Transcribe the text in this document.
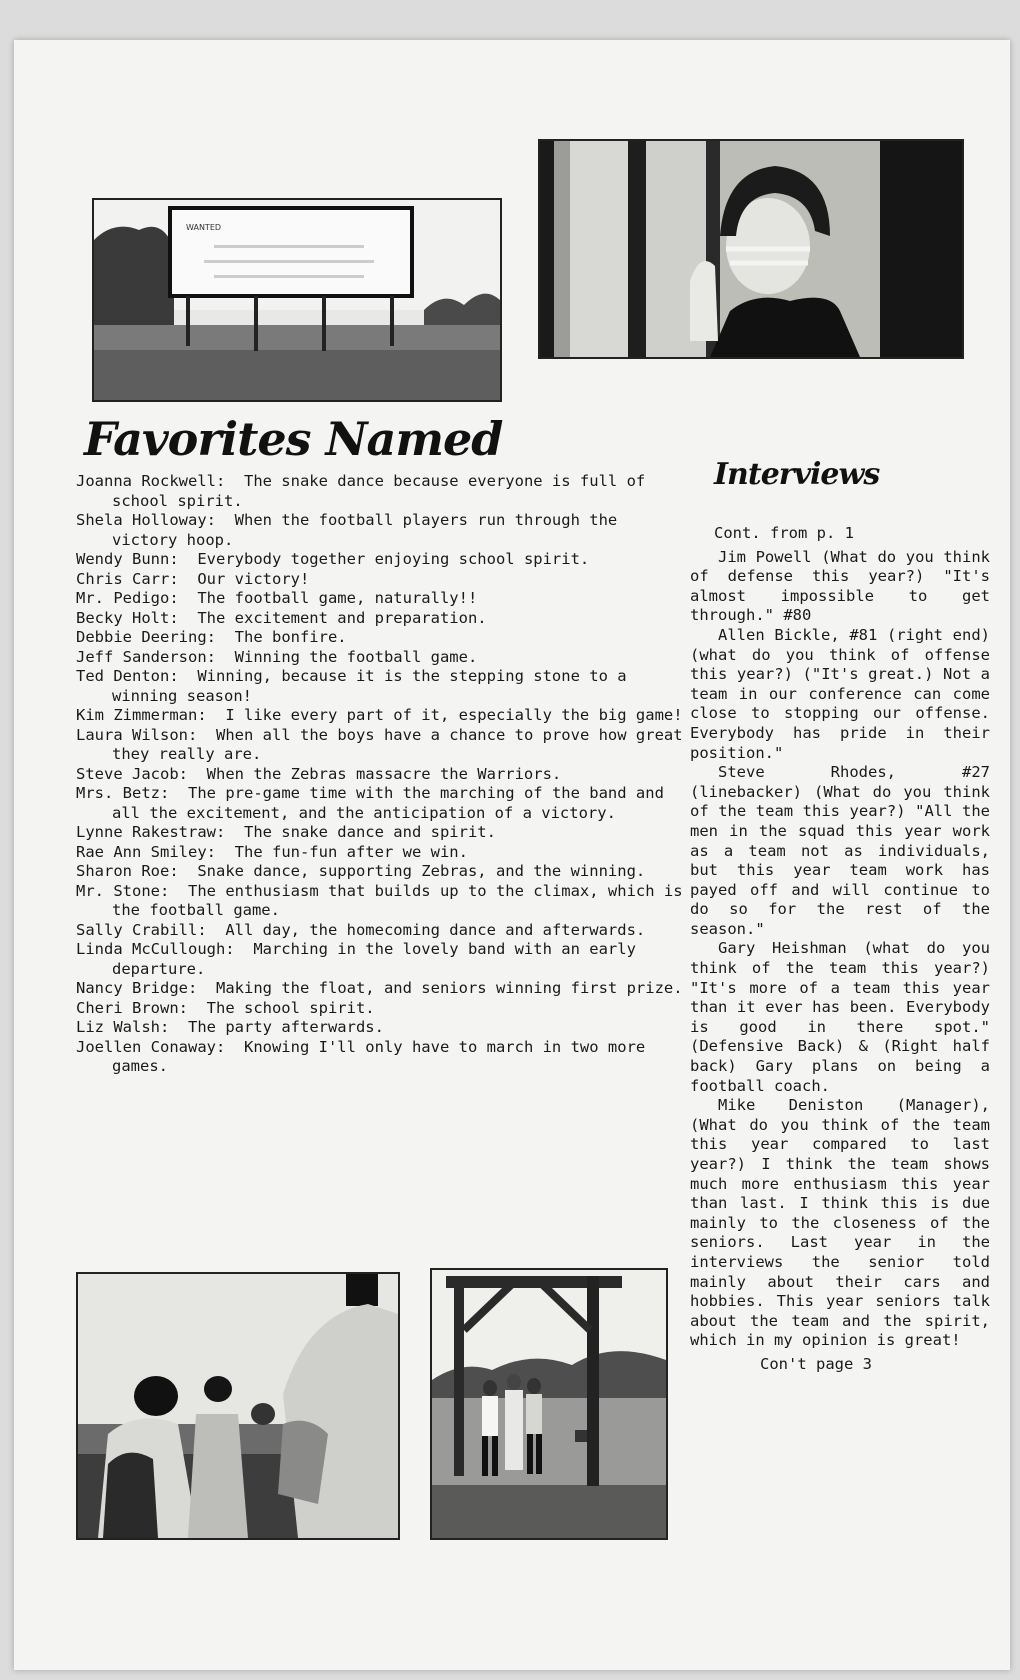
WANTED
Favorites Named
Interviews

Joanna Rockwell: The snake dance because everyone is full of school spirit.

Shela Holloway: When the football players run through the victory hoop.

Wendy Bunn: Everybody together enjoying school spirit.

Chris Carr: Our victory!

Mr. Pedigo: The football game, naturally!!

Becky Holt: The excitement and preparation.

Debbie Deering: The bonfire.

Jeff Sanderson: Winning the football game.

Ted Denton: Winning, because it is the stepping stone to a winning season!

Kim Zimmerman: I like every part of it, especially the big game!

Laura Wilson: When all the boys have a chance to prove how great they really are.

Steve Jacob: When the Zebras massacre the Warriors.

Mrs. Betz: The pre-game time with the marching of the band and all the excitement, and the anticipation of a victory.

Lynne Rakestraw: The snake dance and spirit.

Rae Ann Smiley: The fun-fun after we win.

Sharon Roe: Snake dance, supporting Zebras, and the winning.

Mr. Stone: The enthusiasm that builds up to the climax, which is the football game.

Sally Crabill: All day, the homecoming dance and afterwards.

Linda McCullough: Marching in the lovely band with an early departure.

Nancy Bridge: Making the float, and seniors winning first prize.

Cheri Brown: The school spirit.

Liz Walsh: The party afterwards.

Joellen Conaway: Knowing I'll only have to march in two more games.

Cont. from p. 1

Jim Powell (What do you think of defense this year?) "It's almost impossible to get through." #80

Allen Bickle, #81 (right end) (what do you think of offense this year?) ("It's great.) Not a team in our conference can come close to stopping our offense. Everybody has pride in their position."

Steve Rhodes, #27 (linebacker) (What do you think of the team this year?) "All the men in the squad this year work as a team not as individuals, but this year team work has payed off and will continue to do so for the rest of the season."

Gary Heishman (what do you think of the team this year?) "It's more of a team this year than it ever has been. Everybody is good in there spot." (Defensive Back) & (Right half back) Gary plans on being a football coach.

Mike Deniston (Manager), (What do you think of the team this year compared to last year?) I think the team shows much more enthusiasm this year than last. I think this is due mainly to the closeness of the seniors. Last year in the interviews the senior told mainly about their cars and hobbies. This year seniors talk about the team and the spirit, which in my opinion is great!

Con't page 3
